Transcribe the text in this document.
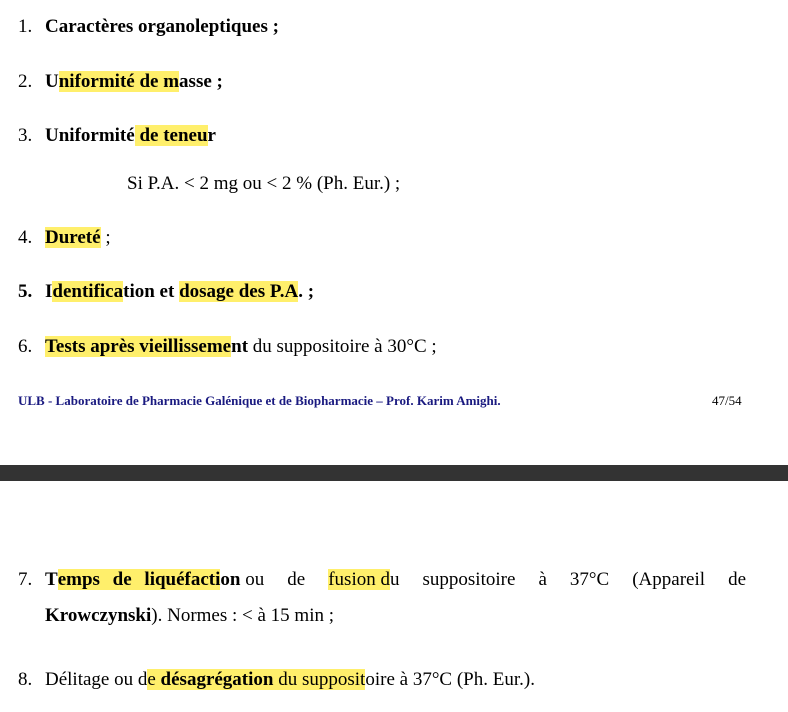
1. Caractères organoleptiques ;
2. Uniformité de masse ;
3. Uniformité de teneur
Si P.A. < 2 mg ou < 2 % (Ph. Eur.) ;
4. Dureté ;
5. Identification et dosage des P.A. ;
6. Tests après vieillissement du suppositoire à 30°C ;
ULB - Laboratoire de Pharmacie Galénique et de Biopharmacie – Prof. Karim Amighi.	47/54
7. Temps de liquéfaction ou de fusion du suppositoire à 37°C (Appareil de
Krowczynski). Normes : < à 15 min ;
8. Délitage ou de désagrégation du suppositoire à 37°C (Ph. Eur.).
